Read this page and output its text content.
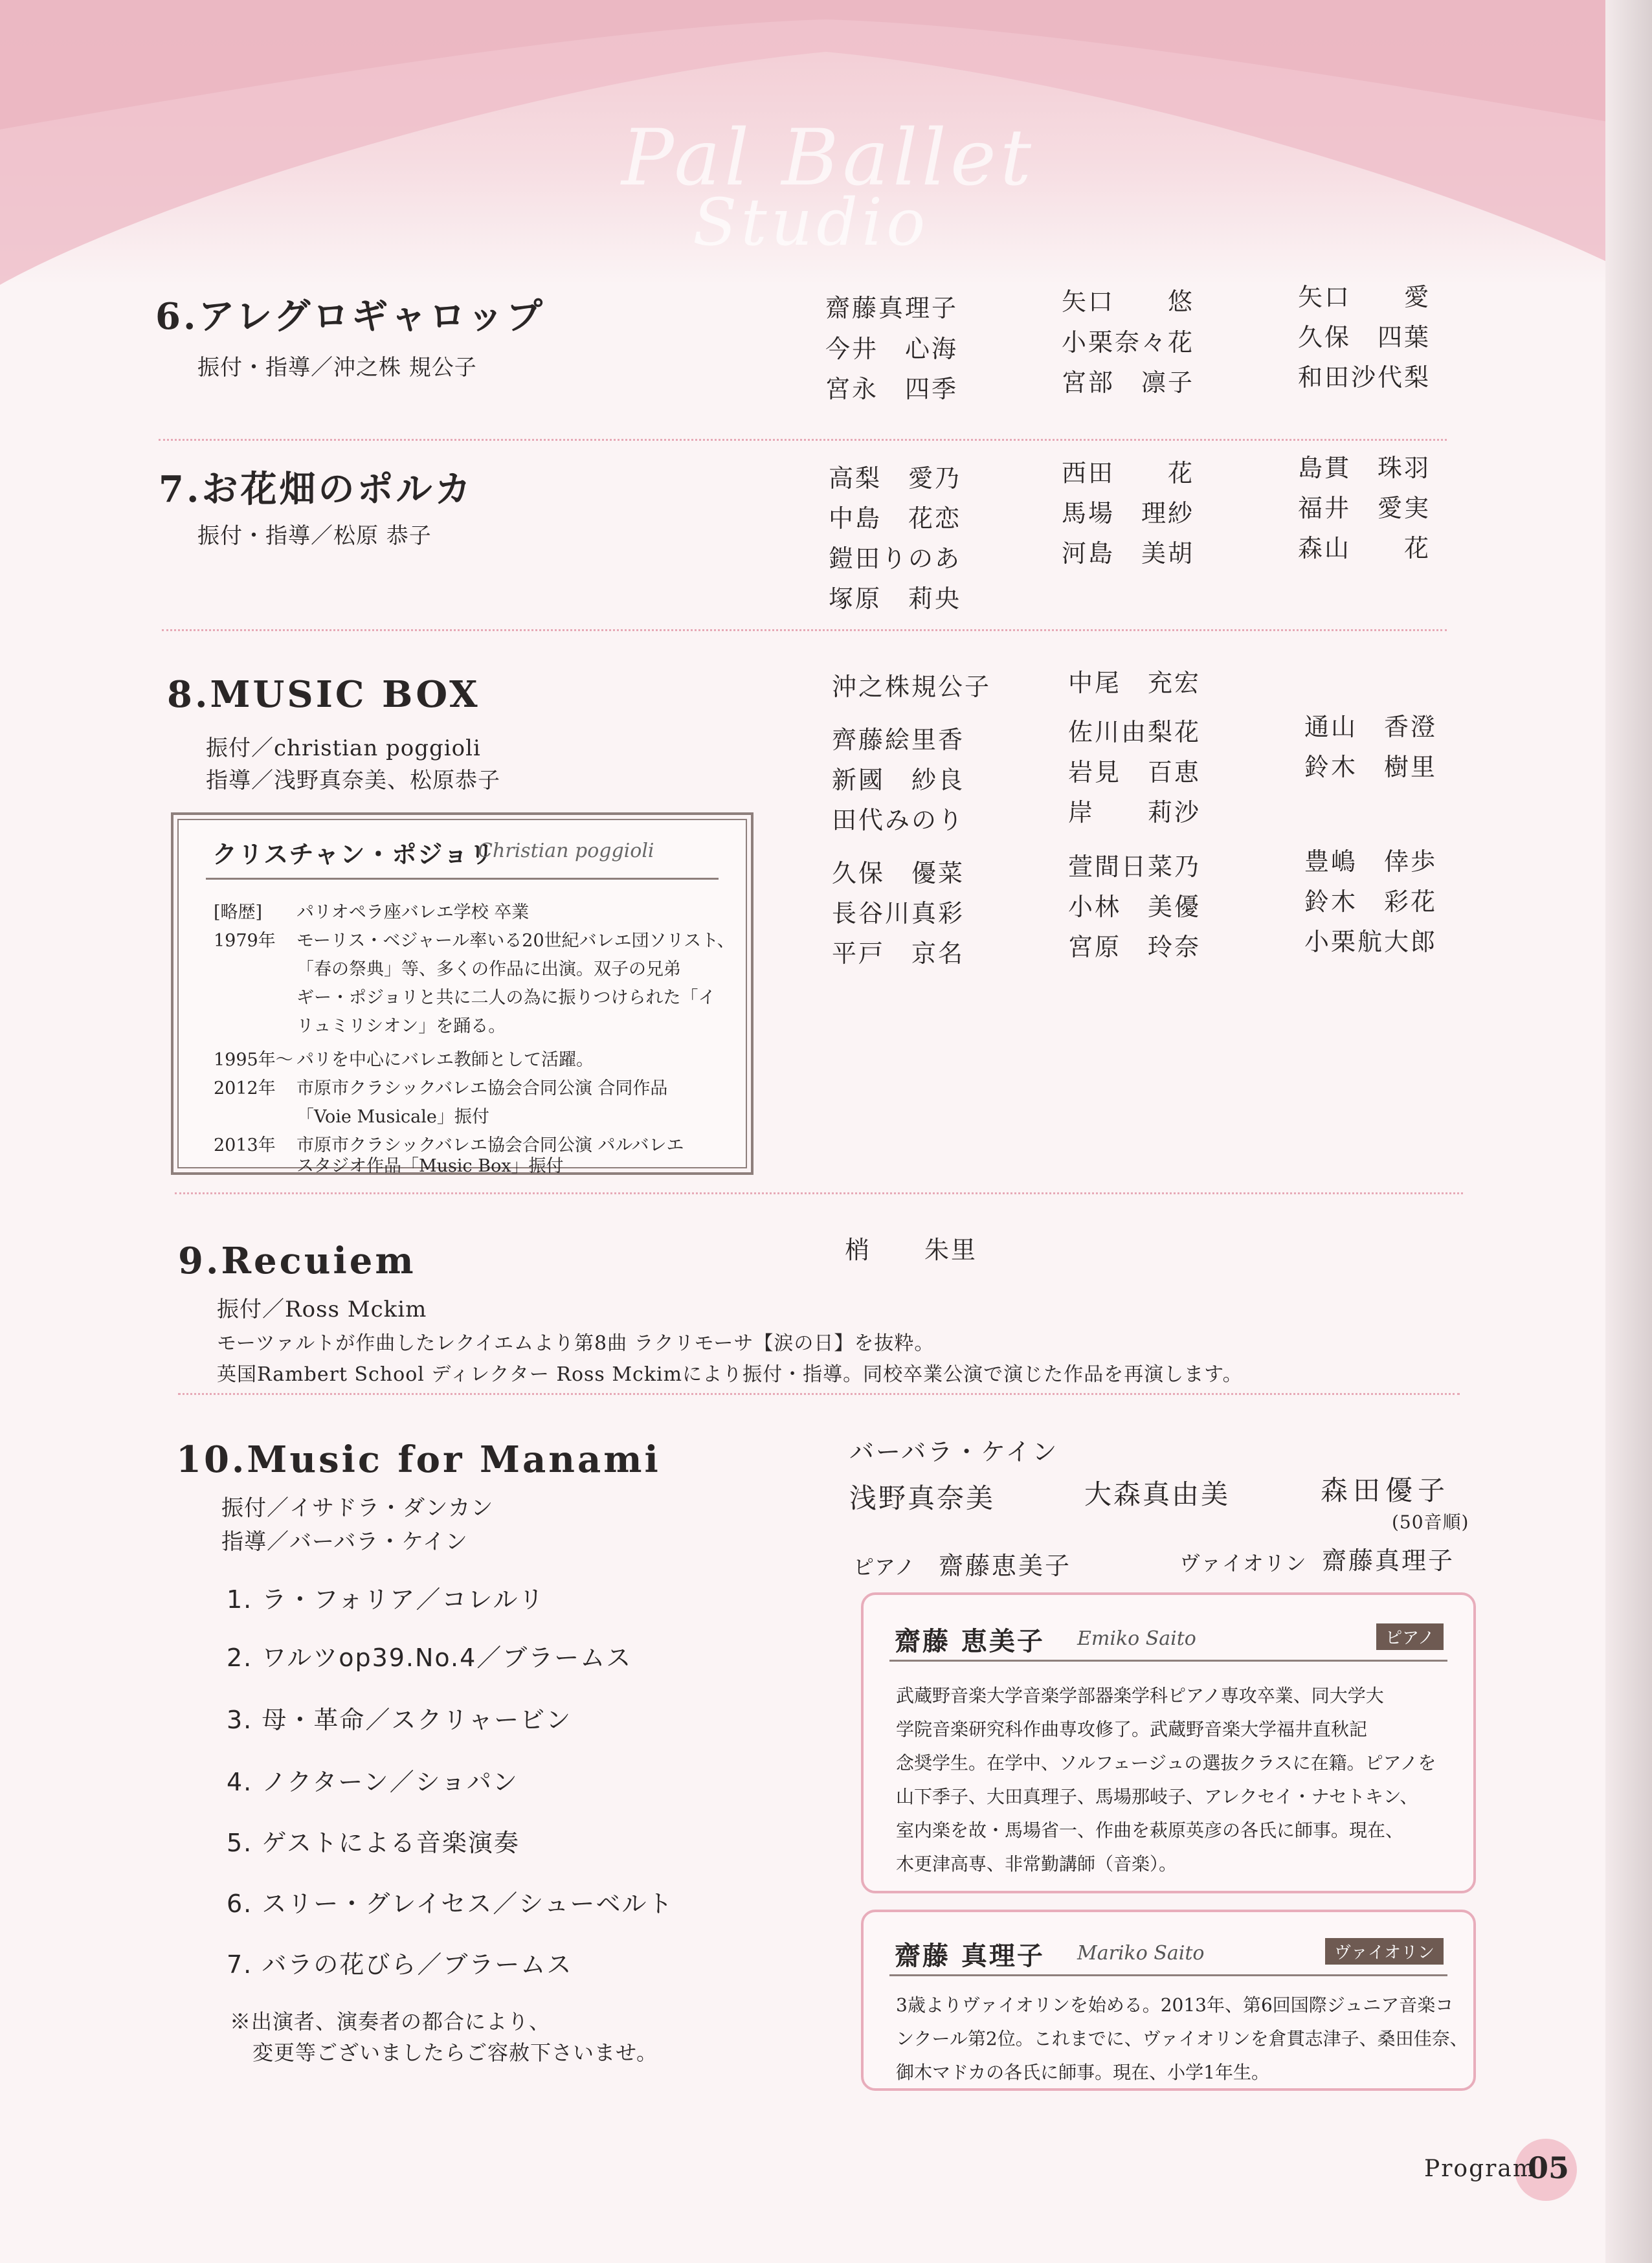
Pal Ballet
Studio
6.アレグロギャロップ
振付・指導／沖之株 規公子
齋藤真理子	矢口　　悠	矢口　　愛
今井　心海	小栗奈々花	久保　四葉
宮永　四季	宮部　凛子	和田沙代梨
7.お花畑のポルカ
振付・指導／松原 恭子
高梨　愛乃	西田　　花	島貫　珠羽
中島　花恋	馬場　理紗	福井　愛実
鎧田りのあ	河島　美胡	森山　　花
塚原　莉央
8.MUSIC BOX
振付／christian poggioli
指導／浅野真奈美、松原恭子
沖之株規公子	中尾　充宏
齊藤絵里香	佐川由梨花	通山　香澄
新國　紗良	岩見　百恵	鈴木　樹里
田代みのり	岸　　莉沙
久保　優菜	萱間日菜乃	豊嶋　倖歩
長谷川真彩	小林　美優	鈴木　彩花
平戸　京名	宮原　玲奈	小栗航大郎
クリスチャン・ポジョリ
Christian poggioli
[略歴] パリオペラ座バレエ学校 卒業
1979年 モーリス・ベジャール率いる20世紀バレエ団ソリスト、
「春の祭典」等、多くの作品に出演。双子の兄弟
ギー・ポジョリと共に二人の為に振りつけられた「イ
リュミリシオン」を踊る。
1995年～ パリを中心にバレエ教師として活躍。
2012年 市原市クラシックバレエ協会合同公演 合同作品
「Voie Musicale」振付
2013年 市原市クラシックバレエ協会合同公演 パルバレエ
スタジオ作品「Music Box」振付
9.Recuiem
振付／Ross Mckim
モーツァルトが作曲したレクイエムより第8曲 ラクリモーサ【涙の日】を抜粋。
英国Rambert School ディレクター Ross Mckimにより振付・指導。同校卒業公演で演じた作品を再演します。
梢　　朱里
10.Music for Manami
振付／イサドラ・ダンカン
指導／バーバラ・ケイン
バーバラ・ケイン
浅野真奈美	大森真由美	森田優子
(50音順)
ピアノ 齋藤恵美子	ヴァイオリン 齋藤真理子
1. ラ・フォリア／コレルリ
2. ワルツop39.No.4／ブラームス
3. 母・革命／スクリャービン
4. ノクターン／ショパン
5. ゲストによる音楽演奏
6. スリー・グレイセス／シューベルト
7. バラの花びら／ブラームス
※出演者、演奏者の都合により、
変更等ございましたらご容赦下さいませ。
齋藤 恵美子 Emiko Saito	ピアノ
武蔵野音楽大学音楽学部器楽学科ピアノ専攻卒業、同大学大
学院音楽研究科作曲専攻修了。武蔵野音楽大学福井直秋記
念奨学生。在学中、ソルフェージュの選抜クラスに在籍。ピアノを
山下季子、大田真理子、馬場那岐子、アレクセイ・ナセトキン、
室内楽を故・馬場省一、作曲を萩原英彦の各氏に師事。現在、
木更津高専、非常勤講師（音楽）。
齋藤 真理子 Mariko Saito	ヴァイオリン
3歳よりヴァイオリンを始める。2013年、第6回国際ジュニア音楽コ
ンクール第2位。これまでに、ヴァイオリンを倉貫志津子、桑田佳奈、
御木マドカの各氏に師事。現在、小学1年生。
Program
05
